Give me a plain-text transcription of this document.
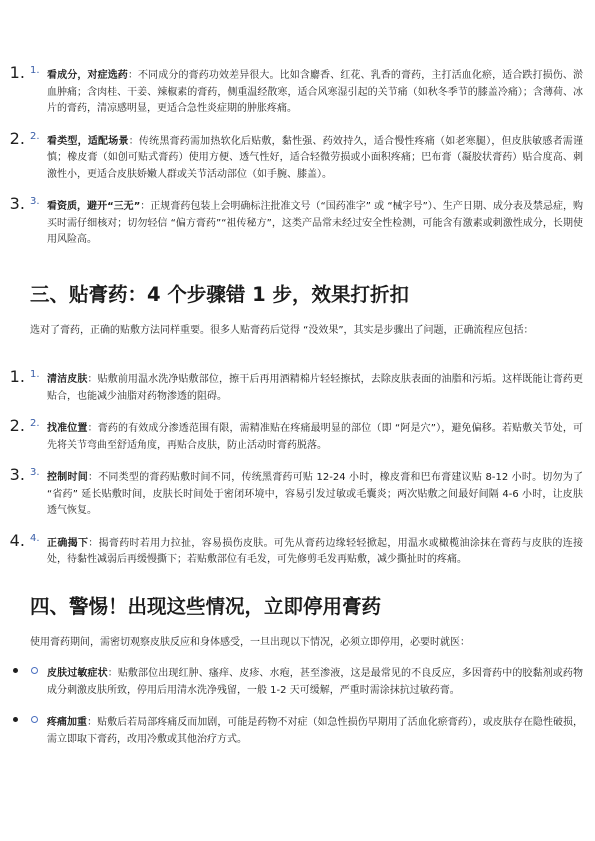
1. 1. 看成分，对症选药：不同成分的膏药功效差异很大。比如含麝香、红花、乳香的膏药，主打活血化瘀，适合跌打损伤、淤血肿痛；含肉桂、干姜、辣椒素的膏药，侧重温经散寒，适合风寒湿引起的关节痛（如秋冬季节的膝盖冷痛）；含薄荷、冰片的膏药，清凉感明显，更适合急性炎症期的肿胀疼痛。
2. 2. 看类型，适配场景：传统黑膏药需加热软化后贴敷，黏性强、药效持久，适合慢性疼痛（如老寒腿），但皮肤敏感者需谨慎；橡皮膏（如创可贴式膏药）使用方便、透气性好，适合轻微劳损或小面积疼痛；巴布膏（凝胶状膏药）贴合度高、刺激性小，更适合皮肤娇嫩人群或关节活动部位（如手腕、膝盖）。
3. 3. 看资质，避开“三无”：正规膏药包装上会明确标注批准文号（“国药准字” 或 “械字号”）、生产日期、成分表及禁忌症，购买时需仔细核对；切勿轻信 “偏方膏药”“祖传秘方”，这类产品常未经过安全性检测，可能含有激素或刺激性成分，长期使用风险高。
三、贴膏药：4 个步骤错 1 步，效果打折扣

选对了膏药，正确的贴敷方法同样重要。很多人贴膏药后觉得 “没效果”，其实是步骤出了问题，正确流程应包括：

1. 1. 清洁皮肤：贴敷前用温水洗净贴敷部位，擦干后再用酒精棉片轻轻擦拭，去除皮肤表面的油脂和污垢。这样既能让膏药更贴合，也能减少油脂对药物渗透的阻碍。
2. 2. 找准位置：膏药的有效成分渗透范围有限，需精准贴在疼痛最明显的部位（即 “阿是穴”），避免偏移。若贴敷关节处，可先将关节弯曲至舒适角度，再贴合皮肤，防止活动时膏药脱落。
3. 3. 控制时间：不同类型的膏药贴敷时间不同，传统黑膏药可贴 12-24 小时，橡皮膏和巴布膏建议贴 8-12 小时。切勿为了 “省药” 延长贴敷时间，皮肤长时间处于密闭环境中，容易引发过敏或毛囊炎；两次贴敷之间最好间隔 4-6 小时，让皮肤透气恢复。
4. 4. 正确揭下：揭膏药时若用力拉扯，容易损伤皮肤。可先从膏药边缘轻轻掀起，用温水或橄榄油涂抹在膏药与皮肤的连接处，待黏性减弱后再缓慢撕下；若贴敷部位有毛发，可先修剪毛发再贴敷，减少撕扯时的疼痛。
四、警惕！出现这些情况，立即停用膏药

使用膏药期间，需密切观察皮肤反应和身体感受，一旦出现以下情况，必须立即停用，必要时就医：

• 皮肤过敏症状：贴敷部位出现红肿、瘙痒、皮疹、水疱，甚至渗液，这是最常见的不良反应，多因膏药中的胶黏剂或药物成分刺激皮肤所致，停用后用清水洗净残留，一般 1-2 天可缓解，严重时需涂抹抗过敏药膏。
• 疼痛加重：贴敷后若局部疼痛反而加剧，可能是药物不对症（如急性损伤早期用了活血化瘀膏药），或皮肤存在隐性破损，需立即取下膏药，改用冷敷或其他治疗方式。
